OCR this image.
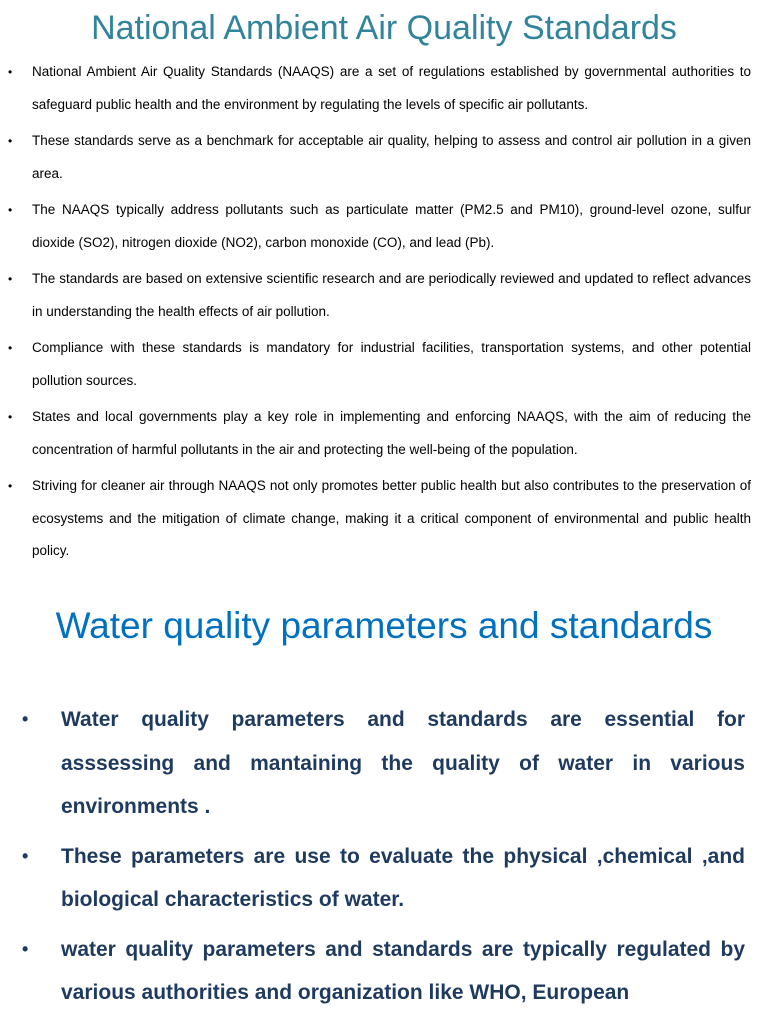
National Ambient Air Quality Standards
• National Ambient Air Quality Standards (NAAQS) are a set of regulations established by governmental authorities to safeguard public health and the environment by regulating the levels of specific air pollutants.
• These standards serve as a benchmark for acceptable air quality, helping to assess and control air pollution in a given area.
• The NAAQS typically address pollutants such as particulate matter (PM2.5 and PM10), ground-level ozone, sulfur dioxide (SO2), nitrogen dioxide (NO2), carbon monoxide (CO), and lead (Pb).
• The standards are based on extensive scientific research and are periodically reviewed and updated to reflect advances in understanding the health effects of air pollution.
• Compliance with these standards is mandatory for industrial facilities, transportation systems, and other potential pollution sources.
• States and local governments play a key role in implementing and enforcing NAAQS, with the aim of reducing the concentration of harmful pollutants in the air and protecting the well-being of the population.
• Striving for cleaner air through NAAQS not only promotes better public health but also contributes to the preservation of ecosystems and the mitigation of climate change, making it a critical component of environmental and public health policy.
Water quality parameters and standards
• Water quality parameters and standards are essential for asssessing and mantaining the quality of water in various environments .
• These parameters are use to evaluate the physical ,chemical ,and biological characteristics of water.
• water quality parameters and standards are typically regulated by various authorities and organization like WHO, European
